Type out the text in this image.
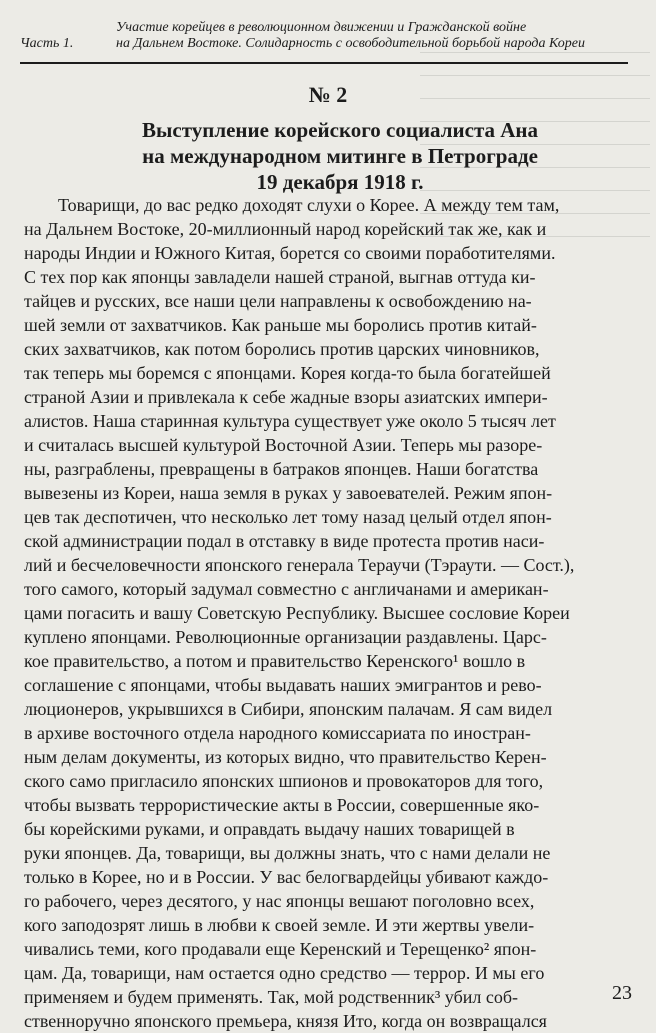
Часть 1.
Участие корейцев в революционном движении и Гражданской войне
на Дальнем Востоке. Солидарность с освободительной борьбой народа Кореи
№ 2
Выступление корейского социалиста Ана
на международном митинге в Петрограде
19 декабря 1918 г.
Товарищи, до вас редко доходят слухи о Корее. А между тем там,
на Дальнем Востоке, 20-миллионный народ корейский так же, как и
народы Индии и Южного Китая, борется со своими поработителями.
С тех пор как японцы завладели нашей страной, выгнав оттуда ки-
тайцев и русских, все наши цели направлены к освобождению на-
шей земли от захватчиков. Как раньше мы боролись против китай-
ских захватчиков, как потом боролись против царских чиновников,
так теперь мы боремся с японцами. Корея когда-то была богатейшей
страной Азии и привлекала к себе жадные взоры азиатских импери-
алистов. Наша старинная культура существует уже около 5 тысяч лет
и считалась высшей культурой Восточной Азии. Теперь мы разоре-
ны, разграблены, превращены в батраков японцев. Наши богатства
вывезены из Кореи, наша земля в руках у завоевателей. Режим япон-
цев так деспотичен, что несколько лет тому назад целый отдел япон-
ской администрации подал в отставку в виде протеста против наси-
лий и бесчеловечности японского генерала Тераучи (Тэраути. — Сост.),
того самого, который задумал совместно с англичанами и американ-
цами погасить и вашу Советскую Республику. Высшее сословие Кореи
куплено японцами. Революционные организации раздавлены. Царс-
кое правительство, а потом и правительство Керенского¹ вошло в
соглашение с японцами, чтобы выдавать наших эмигрантов и рево-
люционеров, укрывшихся в Сибири, японским палачам. Я сам видел
в архиве восточного отдела народного комиссариата по иностран-
ным делам документы, из которых видно, что правительство Керен-
ского само пригласило японских шпионов и провокаторов для того,
чтобы вызвать террористические акты в России, совершенные яко-
бы корейскими руками, и оправдать выдачу наших товарищей в
руки японцев. Да, товарищи, вы должны знать, что с нами делали не
только в Корее, но и в России. У вас белогвардейцы убивают каждо-
го рабочего, через десятого, у нас японцы вешают поголовно всех,
кого заподозрят лишь в любви к своей земле. И эти жертвы увели-
чивались теми, кого продавали еще Керенский и Терещенко² япон-
цам. Да, товарищи, нам остается одно средство — террор. И мы его
применяем и будем применять. Так, мой родственник³ убил соб-
ственноручно японского премьера, князя Ито, когда он возвращался
23
